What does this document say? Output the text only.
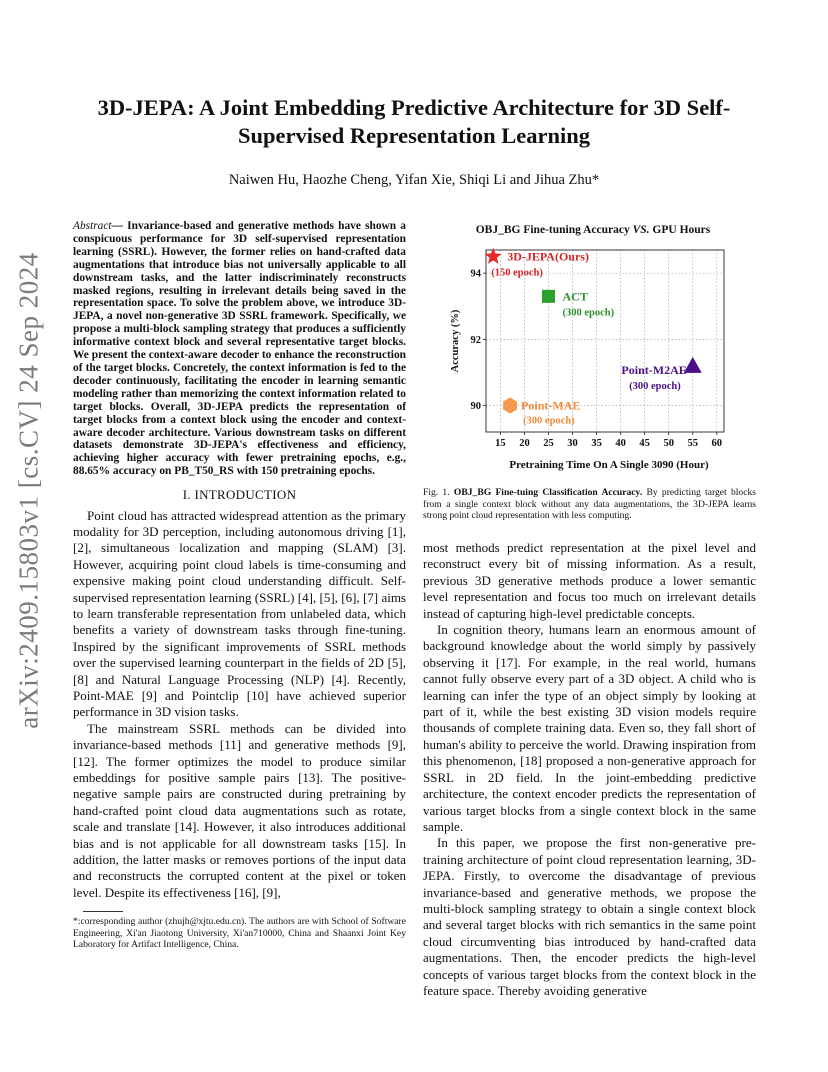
arXiv:2409.15803v1 [cs.CV] 24 Sep 2024
3D-JEPA: A Joint Embedding Predictive Architecture for 3D Self-Supervised Representation Learning
Naiwen Hu, Haozhe Cheng, Yifan Xie, Shiqi Li and Jihua Zhu*

Abstract— Invariance-based and generative methods have shown a conspicuous performance for 3D self-supervised representation learning (SSRL). However, the former relies on hand-crafted data augmentations that introduce bias not universally applicable to all downstream tasks, and the latter indiscriminately reconstructs masked regions, resulting in irrelevant details being saved in the representation space. To solve the problem above, we introduce 3D-JEPA, a novel non-generative 3D SSRL framework. Specifically, we propose a multi-block sampling strategy that produces a sufficiently informative context block and several representative target blocks. We present the context-aware decoder to enhance the reconstruction of the target blocks. Concretely, the context information is fed to the decoder continuously, facilitating the encoder in learning semantic modeling rather than memorizing the context information related to target blocks. Overall, 3D-JEPA predicts the representation of target blocks from a context block using the encoder and context-aware decoder architecture. Various downstream tasks on different datasets demonstrate 3D-JEPA's effectiveness and efficiency, achieving higher accuracy with fewer pretraining epochs, e.g., 88.65% accuracy on PB_T50_RS with 150 pretraining epochs.

I. INTRODUCTION

Point cloud has attracted widespread attention as the primary modality for 3D perception, including autonomous driving [1], [2], simultaneous localization and mapping (SLAM) [3]. However, acquiring point cloud labels is time-consuming and expensive making point cloud understanding difficult. Self-supervised representation learning (SSRL) [4], [5], [6], [7] aims to learn transferable representation from unlabeled data, which benefits a variety of downstream tasks through fine-tuning. Inspired by the significant improvements of SSRL methods over the supervised learning counterpart in the fields of 2D [5], [8] and Natural Language Processing (NLP) [4]. Recently, Point-MAE [9] and Pointclip [10] have achieved superior performance in 3D vision tasks.

The mainstream SSRL methods can be divided into invariance-based methods [11] and generative methods [9], [12]. The former optimizes the model to produce similar embeddings for positive sample pairs [13]. The positive-negative sample pairs are constructed during pretraining by hand-crafted point cloud data augmentations such as rotate, scale and translate [14]. However, it also introduces additional bias and is not applicable for all downstream tasks [15]. In addition, the latter masks or removes portions of the input data and reconstructs the corrupted content at the pixel or token level. Despite its effectiveness [16], [9],

*:corresponding author (zhujh@xjtu.edu.cn). The authors are with School of Software Engineering, Xi'an Jiaotong University, Xi'an710000, China and Shaanxi Joint Key Laboratory for Artifact Intelligence, China.

OBJ_BG Fine-tuning Accuracy VS. GPU Hours
15 20 25 30 35 40 45 50 55 60
90
92
94
Pretraining Time On A Single 3090 (Hour)
Accuracy (%)
3D-JEPA(Ours)
(150 epoch)
ACT
(300 epoch)
Point-M2AE
(300 epoch)
Point-MAE
(300 epoch)
Fig. 1. OBJ_BG Fine-tuing Classification Accuracy. By predicting target blocks from a single context block without any data augmentations, the 3D-JEPA learns strong point cloud representation with less computing.

most methods predict representation at the pixel level and reconstruct every bit of missing information. As a result, previous 3D generative methods produce a lower semantic level representation and focus too much on irrelevant details instead of capturing high-level predictable concepts.

In cognition theory, humans learn an enormous amount of background knowledge about the world simply by passively observing it [17]. For example, in the real world, humans cannot fully observe every part of a 3D object. A child who is learning can infer the type of an object simply by looking at part of it, while the best existing 3D vision models require thousands of complete training data. Even so, they fall short of human's ability to perceive the world. Drawing inspiration from this phenomenon, [18] proposed a non-generative approach for SSRL in 2D field. In the joint-embedding predictive architecture, the context encoder predicts the representation of various target blocks from a single context block in the same sample.

In this paper, we propose the first non-generative pre-training architecture of point cloud representation learning, 3D-JEPA. Firstly, to overcome the disadvantage of previous invariance-based and generative methods, we propose the multi-block sampling strategy to obtain a single context block and several target blocks with rich semantics in the same point cloud circumventing bias introduced by hand-crafted data augmentations. Then, the encoder predicts the high-level concepts of various target blocks from the context block in the feature space. Thereby avoiding generative
